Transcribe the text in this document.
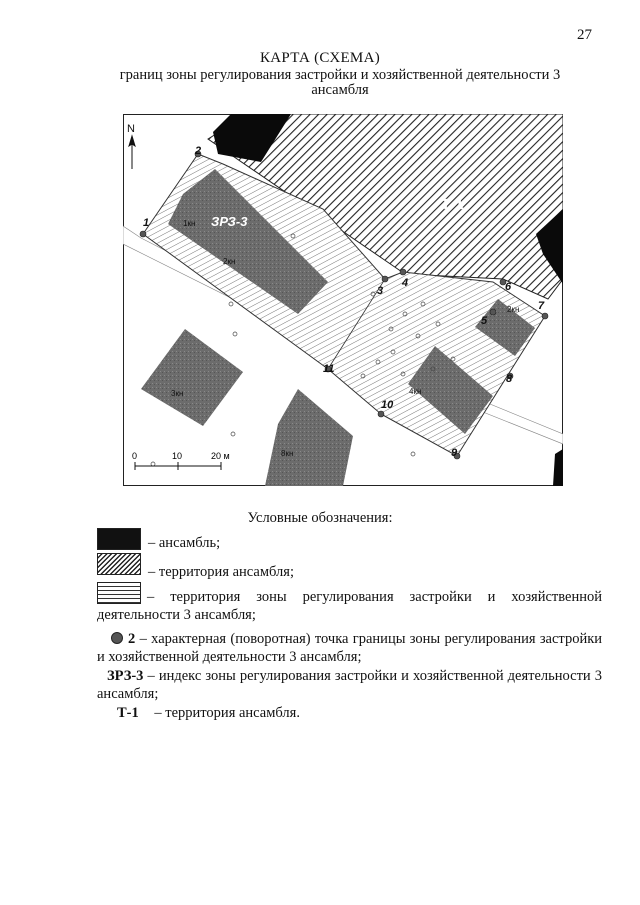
27
КАРТА (СХЕМА)
границ зоны регулирования застройки и хозяйственной деятельности 3 ансамбля
1
2
3
4
5
6
7
8
9
10
11
2кн
3кн
2кн
8кн
4кн
1кн ЗРЗ-3
Т-1
N
0	10	20 м
Условные обозначения:
– ансамбль;
– территория ансамбля;
– территория зоны регулирования застройки и хозяйственной деятельности 3 ансамбля;
2 – характерная (поворотная) точка границы зоны регулирования застройки и хозяйственной деятельности 3 ансамбля;
ЗРЗ-3 – индекс зоны регулирования застройки и хозяйственной деятельности 3 ансамбля;
Т-1 – территория ансамбля.
